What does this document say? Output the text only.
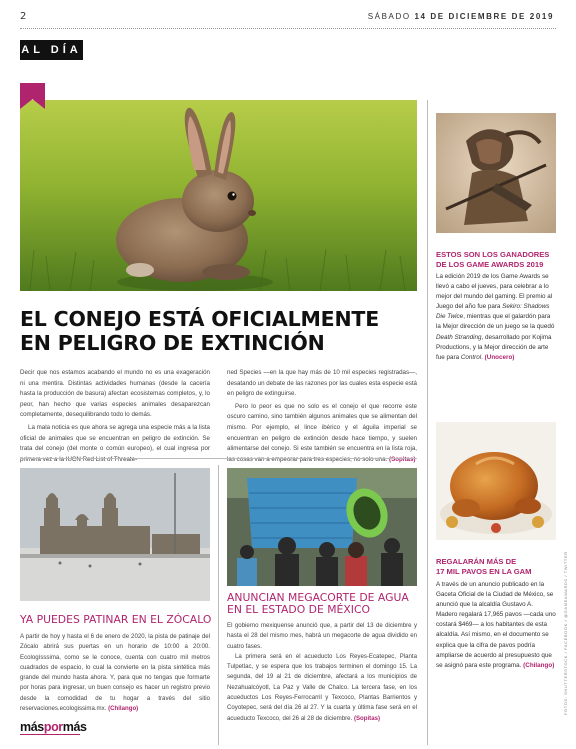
2	SÁBADO 14 DE DICIEMBRE DE 2019
AL DÍA
EL CONEJO ESTÁ OFICIALMENTE
EN PELIGRO DE EXTINCIÓN

Decir que nos estamos acabando el mundo no es una exageración ni una mentira. Distintas actividades humanas (desde la cacería hasta la producción de basura) afectan ecosistemas completos, y, lo peor, han hecho que varias especies animales desaparezcan completamente, desequilibrando todo lo demás.

La mala noticia es que ahora se agrega una especie más a la lista oficial de animales que se encuentran en peligro de extinción. Se trata del conejo (del monte o común europeo), el cual ingresa por primera vez a la IUCN Red List of Threate-

ned Species —en la que hay más de 10 mil especies registradas—, desatando un debate de las razones por las cuales esta especie está en peligro de extinguirse.

Pero lo peor es que no solo es el conejo el que recorre este oscuro camino, sino también algunos animales que se alimentan del mismo. Por ejemplo, el lince ibérico y el águila imperial se encuentran en peligro de extinción desde hace tiempo, y suelen alimentarse del conejo. Si este también se encuentra en la lista roja, las cosas van a empeorar para tres especies, no solo una. (Sopitas)

YA PUEDES PATINAR EN EL ZÓCALO
A partir de hoy y hasta el 6 de enero de 2020, la pista de patinaje del Zócalo abrirá sus puertas en un horario de 10:00 a 20:00. Ecologísssima, como se le conoce, cuenta con cuatro mil metros cuadrados de espacio, lo cual la convierte en la pista sintética más grande del mundo hasta ahora. Y, para que no tengas que formarte por horas para ingresar, un buen consejo es hacer un registro previo desde la comodidad de tu hogar a través del sitio reservaciones.ecologissima.mx. (Chilango)
ANUNCIAN MEGACORTE DE AGUA
EN EL ESTADO DE MÉXICO

El gobierno mexiquense anunció que, a partir del 13 de diciembre y hasta el 28 del mismo mes, habrá un megacorte de agua dividido en cuatro fases.

La primera será en el acueducto Los Reyes-Ecatepec, Planta Tulpetlac, y se espera que los trabajos terminen el domingo 15. La segunda, del 19 al 21 de diciembre, afectará a los municipios de Nezahualcóyotl, La Paz y Valle de Chalco. La tercera fase, en los acueductos Los Reyes-Ferrocarril y Texcoco, Plantas Barrientos y Coyotepec, será del día 26 al 27. Y la cuarta y última fase será en el acueducto Texcoco, del 26 al 28 de diciembre. (Sopitas)

ESTOS SON LOS GANADORES
DE LOS GAME AWARDS 2019
La edición 2019 de los Game Awards se llevó a cabo el jueves, para celebrar a lo mejor del mundo del gaming. El premio al Juego del año fue para Sekiro: Shadows Die Twice, mientras que el galardón para la Mejor dirección de un juego se la quedó Death Stranding, desarrollado por Kojima Productions, y la Mejor dirección de arte fue para Control. (Unocero)
REGALARÁN MÁS DE
17 MIL PAVOS EN LA GAM
A través de un anuncio publicado en la Gaceta Oficial de la Ciudad de México, se anunció que la alcaldía Gustavo A. Madero regalará 17,965 pavos —cada uno costará $469— a los habitantes de esta alcaldía. Así mismo, en el documento se explica que la cifra de pavos podría ampliarse de acuerdo al presupuesto que se asignó para este programa. (Chilango)	FOTOS: SHUTTERSTOCK / FACEBOOK / @GAMEAWARDS / TWITTER
máspormás
